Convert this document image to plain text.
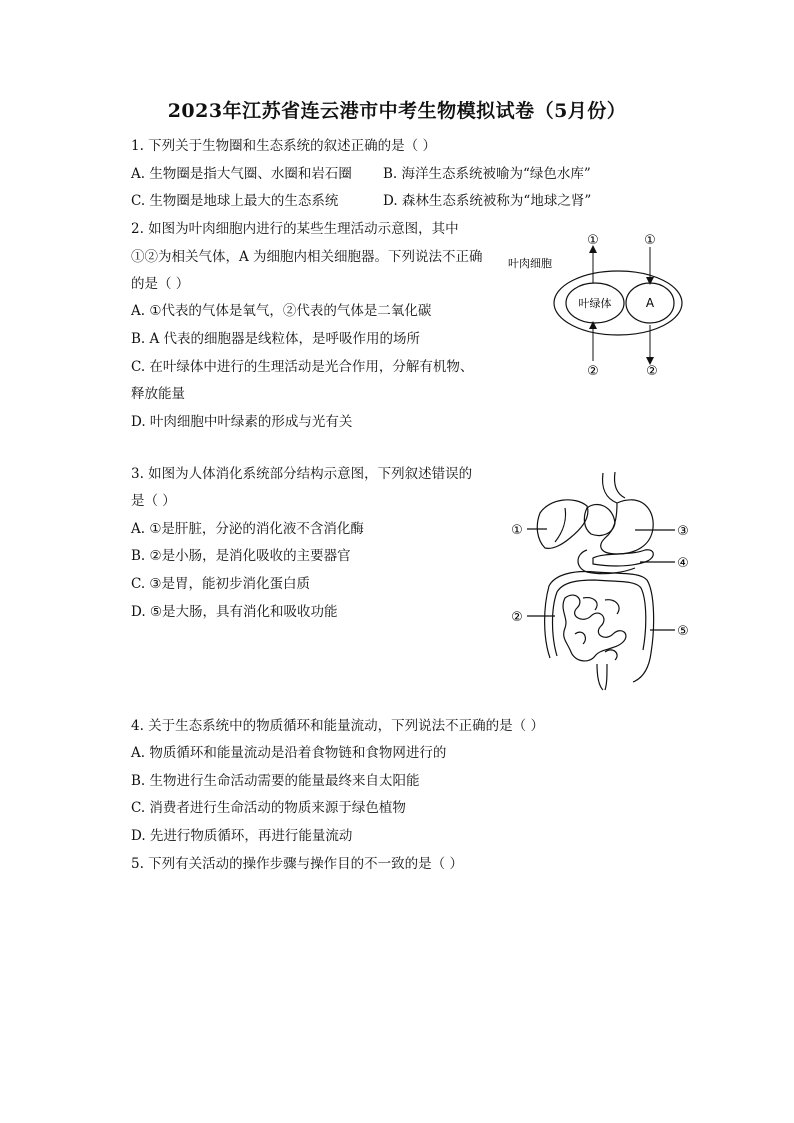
2023年江苏省连云港市中考生物模拟试卷（5月份）
1. 下列关于生物圈和生态系统的叙述正确的是（ ）
A. 生物圈是指大气圈、水圈和岩石圈 B. 海洋生态系统被喻为“绿色水库”
C. 生物圈是地球上最大的生态系统	D. 森林生态系统被称为“地球之肾”
2. 如图为叶肉细胞内进行的某些生理活动示意图，其中
①②为相关气体，A 为细胞内相关细胞器。下列说法不正确
的是（ ）
A. ①代表的气体是氧气，②代表的气体是二氧化碳
B. A 代表的细胞器是线粒体，是呼吸作用的场所
C. 在叶绿体中进行的生理活动是光合作用，分解有机物、
释放能量
D. 叶肉细胞中叶绿素的形成与光有关
叶肉细胞
叶绿体	A
①	①
②	②
3. 如图为人体消化系统部分结构示意图，下列叙述错误的
是（ ）
A. ①是肝脏，分泌的消化液不含消化酶
B. ②是小肠，是消化吸收的主要器官
C. ③是胃，能初步消化蛋白质
D. ⑤是大肠，具有消化和吸收功能
①
②
③
④
⑤
4. 关于生态系统中的物质循环和能量流动，下列说法不正确的是（ ）
A. 物质循环和能量流动是沿着食物链和食物网进行的
B. 生物进行生命活动需要的能量最终来自太阳能
C. 消费者进行生命活动的物质来源于绿色植物
D. 先进行物质循环，再进行能量流动
5. 下列有关活动的操作步骤与操作目的不一致的是（ ）
